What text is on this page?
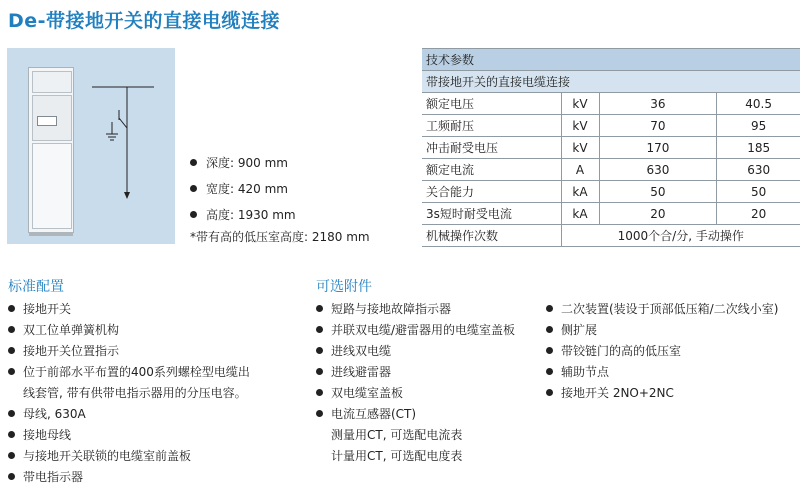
De-带接地开关的直接电缆连接
深度: 900 mm
宽度: 420 mm
高度: 1930 mm
*带有高的低压室高度: 2180 mm
技术参数			
带接地开关的直接电缆连接			
额定电压	kV	36	40.5
工频耐压	kV	70	95
冲击耐受电压	kV	170	185
额定电流	A	630	630
关合能力	kA	50	50
3s短时耐受电流	kA	20	20
机械操作次数	1000个合/分, 手动操作		
标准配置
接地开关
双工位单弹簧机构
接地开关位置指示
位于前部水平布置的400系列螺栓型电缆出
线套管, 带有供带电指示器用的分压电容。
母线, 630A
接地母线
与接地开关联锁的电缆室前盖板
带电指示器
可选附件
短路与接地故障指示器
并联双电缆/避雷器用的电缆室盖板
进线双电缆
进线避雷器
双电缆室盖板
电流互感器(CT)
测量用CT, 可选配电流表
计量用CT, 可选配电度表
二次装置(装设于顶部低压箱/二次线小室)
侧扩展
带铰链门的高的低压室
辅助节点
接地开关 2NO+2NC
